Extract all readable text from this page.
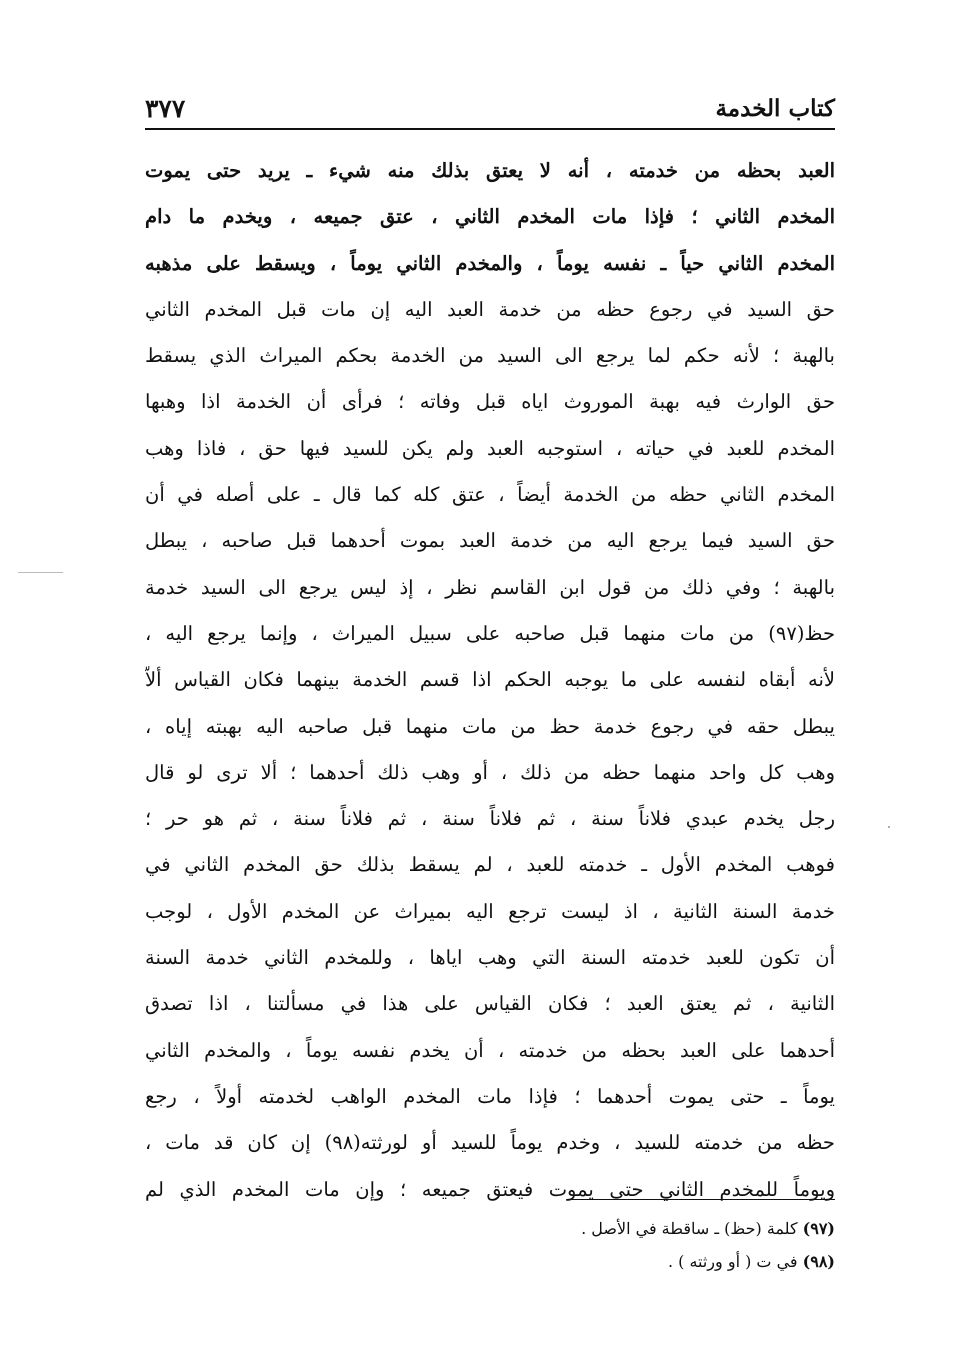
كتاب الخدمة
٣٧٧
العبد بحظه من خدمته ، أنه لا يعتق بذلك منه شيء ـ يريد حتى يموت
المخدم الثاني ؛ فإذا مات المخدم الثاني ، عتق جميعه ، ويخدم ما دام
المخدم الثاني حياً ـ نفسه يوماً ، والمخدم الثاني يوماً ، ويسقط على مذهبه
حق السيد في رجوع حظه من خدمة العبد اليه إن مات قبل المخدم الثاني
بالهبة ؛ لأنه حكم لما يرجع الى السيد من الخدمة بحكم الميراث الذي يسقط
حق الوارث فيه بهبة الموروث اياه قبل وفاته ؛ فرأى أن الخدمة اذا وهبها
المخدم للعبد في حياته ، استوجبه العبد ولم يكن للسيد فيها حق ، فاذا وهب
المخدم الثاني حظه من الخدمة أيضاً ، عتق كله كما قال ـ على أصله في أن
حق السيد فيما يرجع اليه من خدمة العبد بموت أحدهما قبل صاحبه ، يبطل
بالهبة ؛ وفي ذلك من قول ابن القاسم نظر ، إذ ليس يرجع الى السيد خدمة
حظ(٩٧) من مات منهما قبل صاحبه على سبيل الميراث ، وإنما يرجع اليه ،
لأنه أبقاه لنفسه على ما يوجبه الحكم اذا قسم الخدمة بينهما فكان القياس ألاّ
يبطل حقه في رجوع خدمة حظ من مات منهما قبل صاحبه اليه بهبته إياه ،
وهب كل واحد منهما حظه من ذلك ، أو وهب ذلك أحدهما ؛ ألا ترى لو قال
رجل يخدم عبدي فلاناً سنة ، ثم فلاناً سنة ، ثم فلاناً سنة ، ثم هو حر ؛
فوهب المخدم الأول ـ خدمته للعبد ، لم يسقط بذلك حق المخدم الثاني في
خدمة السنة الثانية ، اذ ليست ترجع اليه بميراث عن المخدم الأول ، لوجب
أن تكون للعبد خدمته السنة التي وهب اياها ، وللمخدم الثاني خدمة السنة
الثانية ، ثم يعتق العبد ؛ فكان القياس على هذا في مسألتنا ، اذا تصدق
أحدهما على العبد بحظه من خدمته ، أن يخدم نفسه يوماً ، والمخدم الثاني
يوماً ـ حتى يموت أحدهما ؛ فإذا مات المخدم الواهب لخدمته أولاً ، رجع
حظه من خدمته للسيد ، وخدم يوماً للسيد أو لورثته(٩٨) إن كان قد مات ،
ويوماً للمخدم الثاني حتى يموت فيعتق جميعه ؛ وإن مات المخدم الذي لم
(٩٧) كلمة (حظ) ـ ساقطة في الأصل .
(٩٨) في ت ( أو ورثته ) .
